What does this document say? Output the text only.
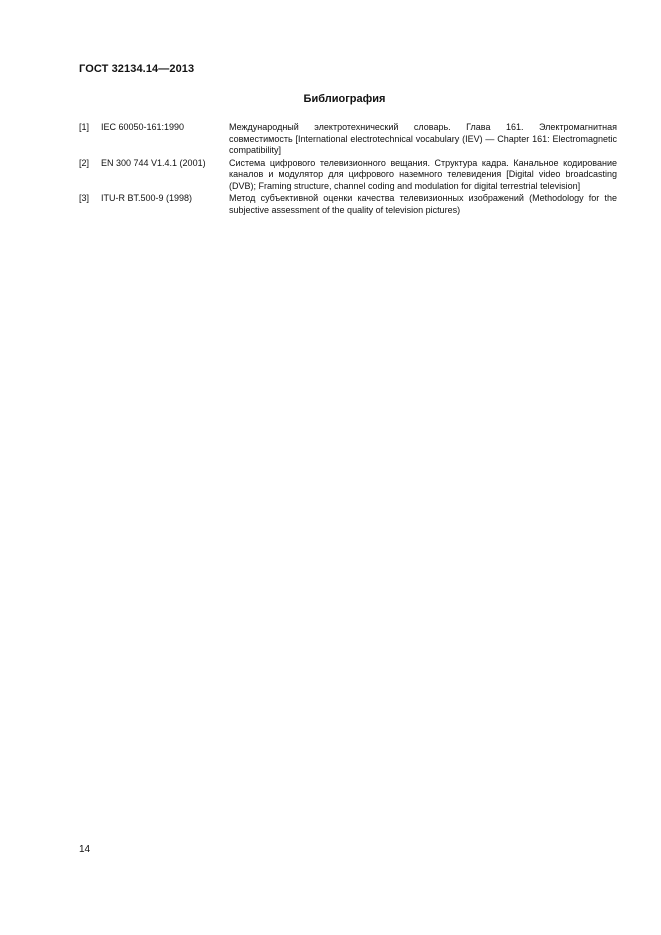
ГОСТ 32134.14—2013
Библиография
[1]	IEC 60050-161:1990	Международный электротехнический словарь. Глава 161. Электромагнитная совместимость [International electrotechnical vocabulary (IEV) — Chapter 161: Electromagnetic compatibility]
[2]	EN 300 744 V1.4.1 (2001)	Система цифрового телевизионного вещания. Структура кадра. Канальное кодирование каналов и модулятор для цифрового наземного телевидения [Digital video broadcasting (DVB); Framing structure, channel coding and modulation for digital terrestrial television]
[3]	ITU-R BT.500-9 (1998)	Метод субъективной оценки качества телевизионных изображений (Methodology for the subjective assessment of the quality of television pictures)
14
